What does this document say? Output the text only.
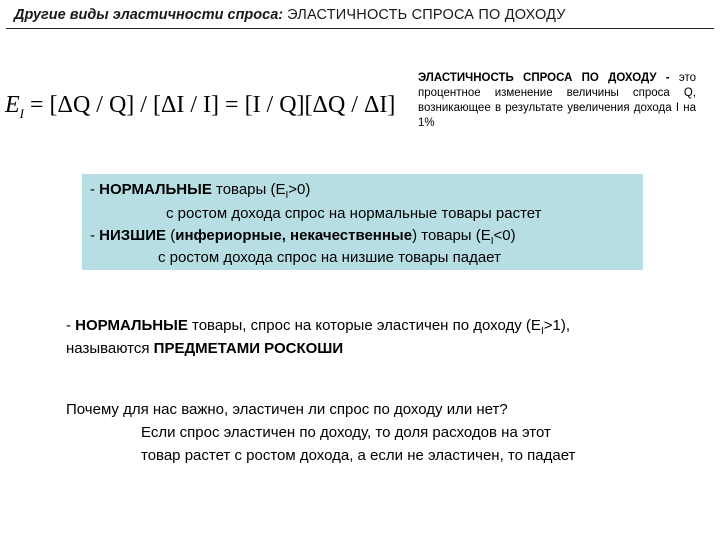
Другие виды эластичности спроса: ЭЛАСТИЧНОСТЬ СПРОСА ПО ДОХОДУ
$E_I = [\Delta Q / Q] / [\Delta I / I] = [I / Q][\Delta Q / \Delta I]$
ЭЛАСТИЧНОСТЬ СПРОСА ПО ДОХОДУ - это процентное изменение величины спроса Q, возникающее в результате увеличения дохода I на 1%
- НОРМАЛЬНЫЕ товары $(E_I>0)$
с ростом дохода спрос на нормальные товары растет
- НИЗШИЕ (инфериорные, некачественные) товары $(E_I<0)$
с ростом дохода спрос на низшие товары падает
- НОРМАЛЬНЫЕ товары, спрос на которые эластичен по доходу $(E_I>1)$,
называются ПРЕДМЕТАМИ РОСКОШИ
Почему для нас важно, эластичен ли спрос по доходу или нет?
Если спрос эластичен по доходу, то доля расходов на этот
товар растет с ростом дохода, а если не эластичен, то падает
